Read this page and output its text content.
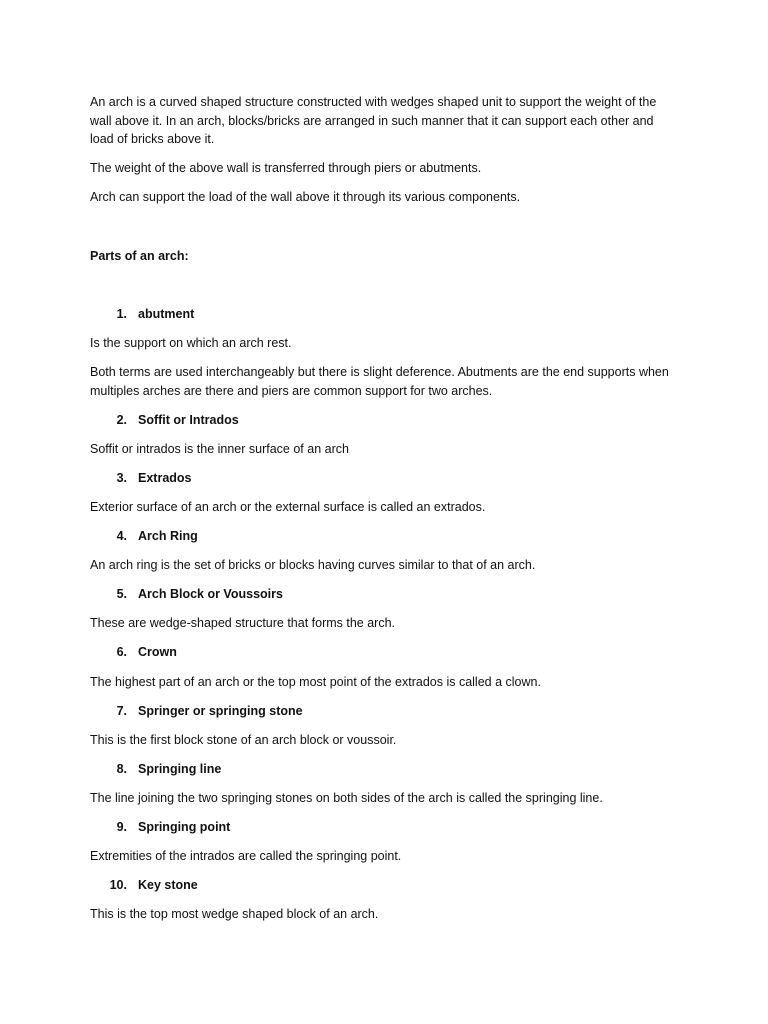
An arch is a curved shaped structure constructed with wedges shaped unit to support the weight of the wall above it. In an arch, blocks/bricks are arranged in such manner that it can support each other and load of bricks above it.

The weight of the above wall is transferred through piers or abutments.

Arch can support the load of the wall above it through its various components.

Parts of an arch:

1. abutment

Is the support on which an arch rest.

Both terms are used interchangeably but there is slight deference. Abutments are the end supports when multiples arches are there and piers are common support for two arches.

2. Soffit or Intrados

Soffit or intrados is the inner surface of an arch

3. Extrados

Exterior surface of an arch or the external surface is called an extrados.

4. Arch Ring

An arch ring is the set of bricks or blocks having curves similar to that of an arch.

5. Arch Block or Voussoirs

These are wedge-shaped structure that forms the arch.

6. Crown

The highest part of an arch or the top most point of the extrados is called a clown.

7. Springer or springing stone

This is the first block stone of an arch block or voussoir.

8. Springing line

The line joining the two springing stones on both sides of the arch is called the springing line.

9. Springing point

Extremities of the intrados are called the springing point.

10. Key stone

This is the top most wedge shaped block of an arch.
